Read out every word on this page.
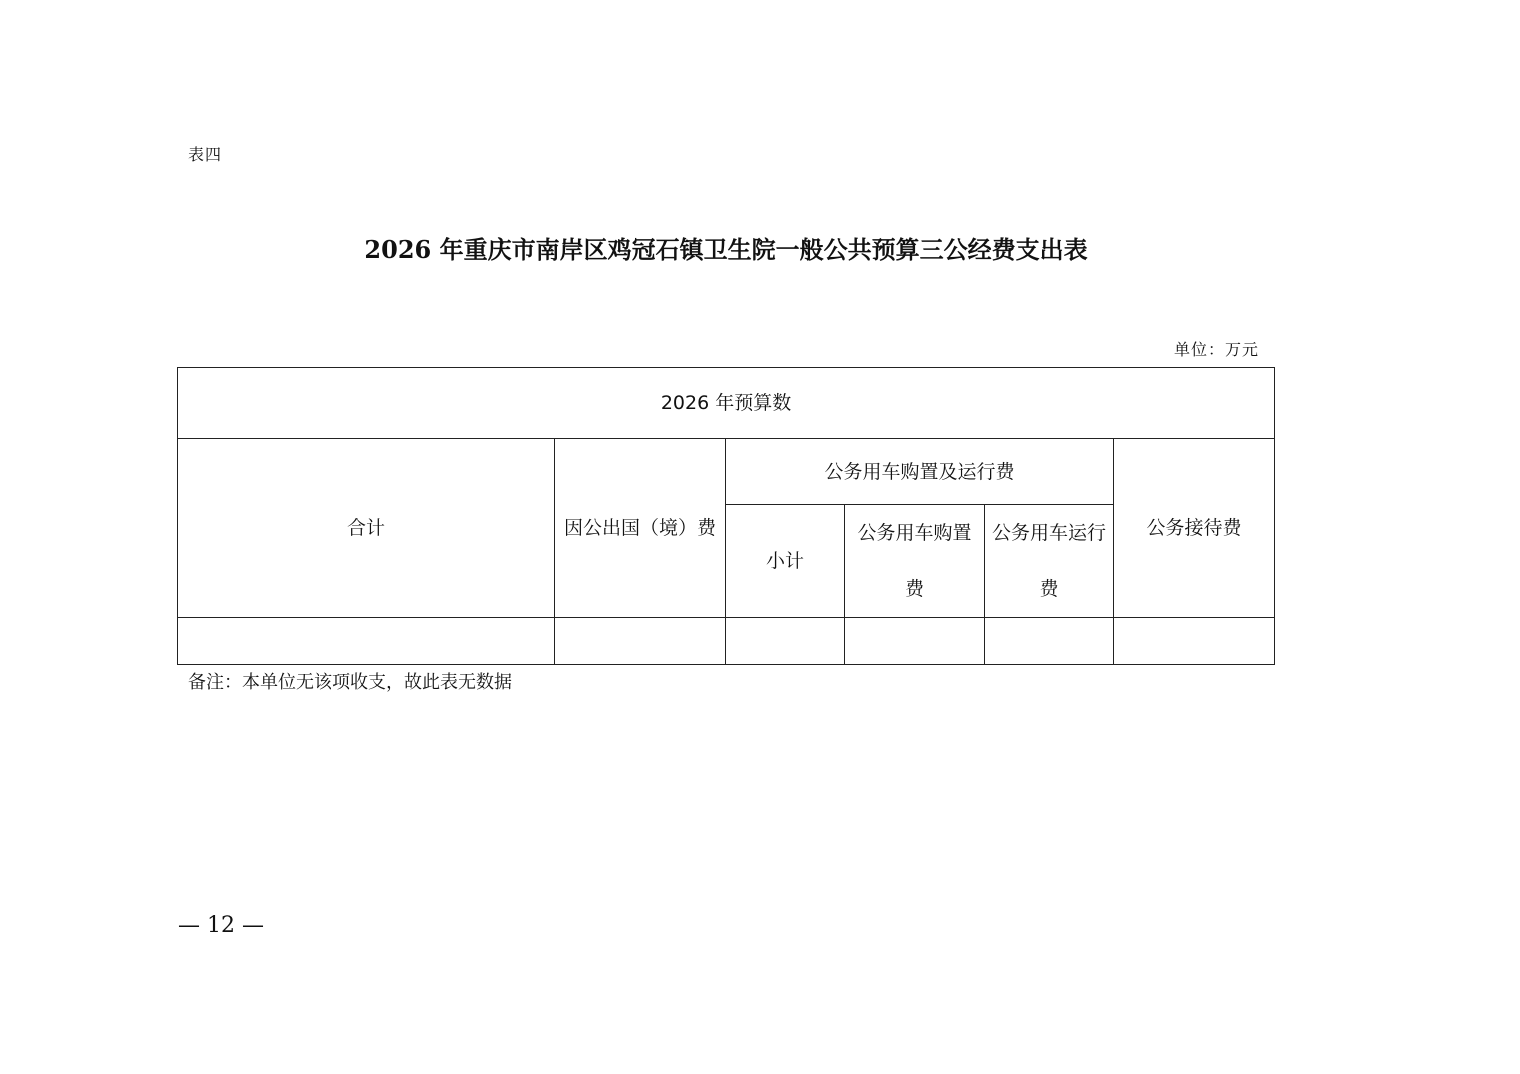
表四
2026 年重庆市南岸区鸡冠石镇卫生院一般公共预算三公经费支出表
单位：万元
2026 年预算数					
合计	因公出国（境）费	公务用车购置及运行费			公务接待费
		小计	公务用车购置费	公务用车运行费	

备注：本单位无该项收支，故此表无数据
— 12 —
